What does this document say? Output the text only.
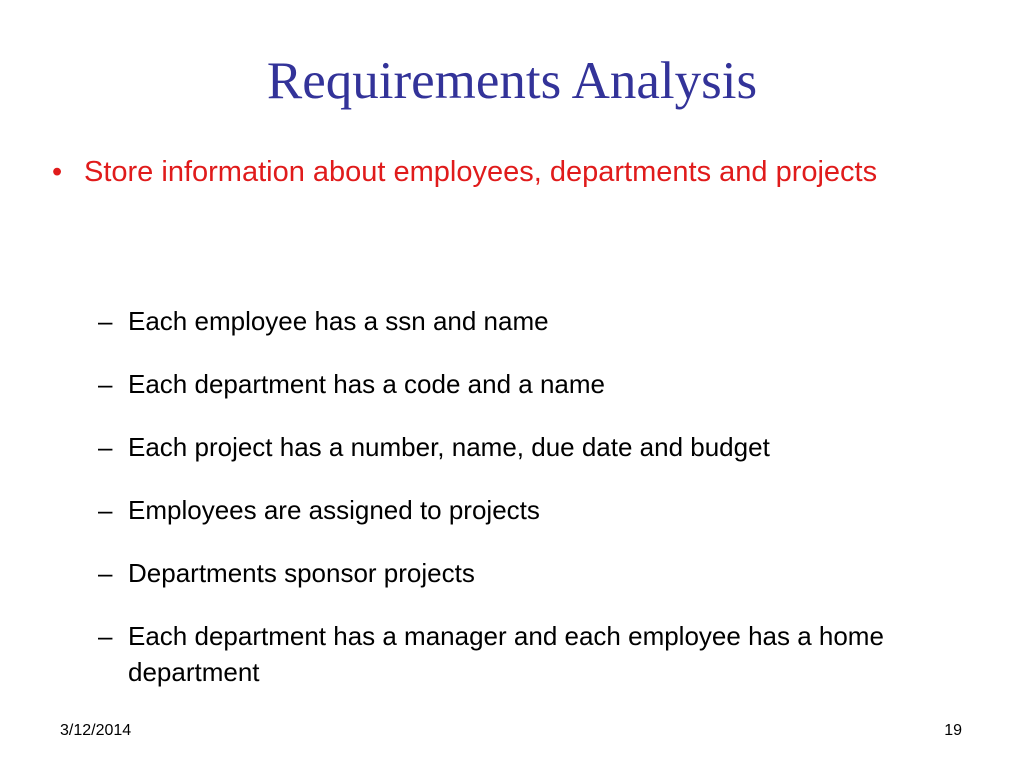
Requirements Analysis
• Store information about employees, departments and projects
– Each employee has a ssn and name
– Each department has a code and a name
– Each project has a number, name, due date and budget
– Employees are assigned to projects
– Departments sponsor projects
– Each department has a manager and each employee has a home department
3/12/2014	19
